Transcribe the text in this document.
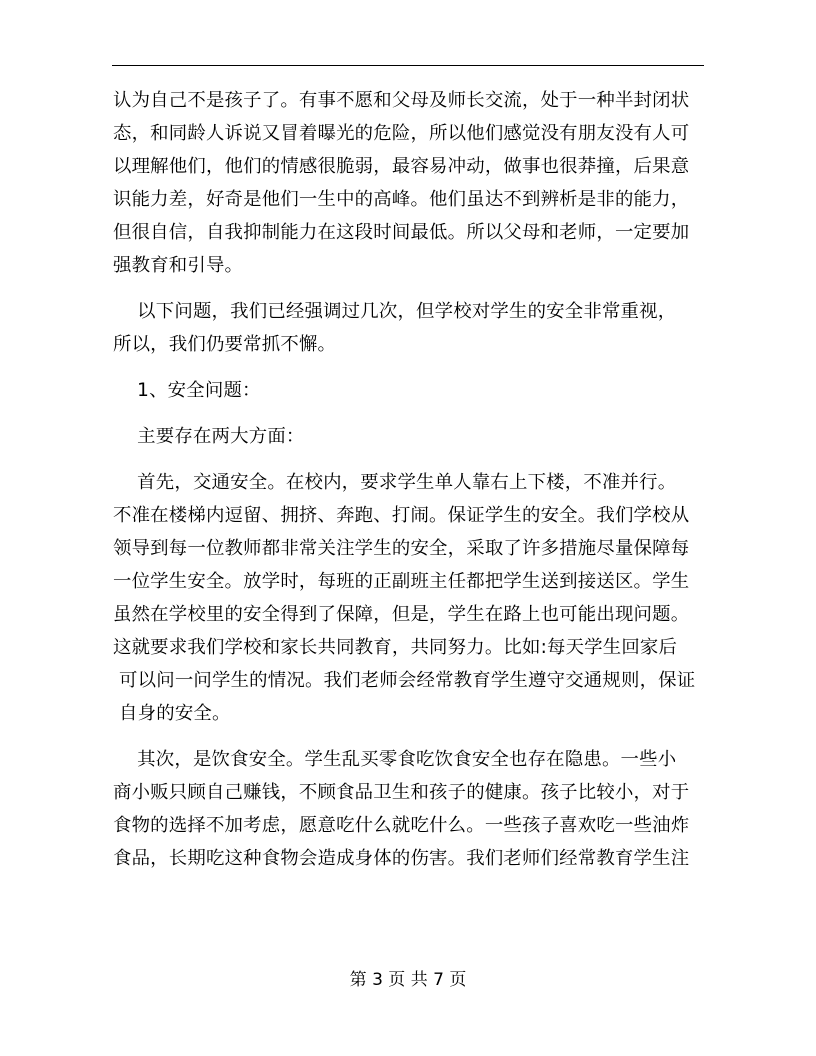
认为自己不是孩子了。有事不愿和父母及师长交流，处于一种半封闭状
态，和同龄人诉说又冒着曝光的危险，所以他们感觉没有朋友没有人可
以理解他们，他们的情感很脆弱，最容易冲动，做事也很莽撞，后果意
识能力差，好奇是他们一生中的高峰。他们虽达不到辨析是非的能力，
但很自信，自我抑制能力在这段时间最低。所以父母和老师，一定要加
强教育和引导。
以下问题，我们已经强调过几次，但学校对学生的安全非常重视，
所以，我们仍要常抓不懈。
1、安全问题：
主要存在两大方面：
首先，交通安全。在校内，要求学生单人靠右上下楼，不准并行。
不准在楼梯内逗留、拥挤、奔跑、打闹。保证学生的安全。我们学校从
领导到每一位教师都非常关注学生的安全，采取了许多措施尽量保障每
一位学生安全。放学时，每班的正副班主任都把学生送到接送区。学生
虽然在学校里的安全得到了保障，但是，学生在路上也可能出现问题。
这就要求我们学校和家长共同教育，共同努力。比如:每天学生回家后
可以问一问学生的情况。我们老师会经常教育学生遵守交通规则，保证
自身的安全。
其次，是饮食安全。学生乱买零食吃饮食安全也存在隐患。一些小
商小贩只顾自己赚钱，不顾食品卫生和孩子的健康。孩子比较小，对于
食物的选择不加考虑，愿意吃什么就吃什么。一些孩子喜欢吃一些油炸
食品，长期吃这种食物会造成身体的伤害。我们老师们经常教育学生注
第 3 页 共 7 页
